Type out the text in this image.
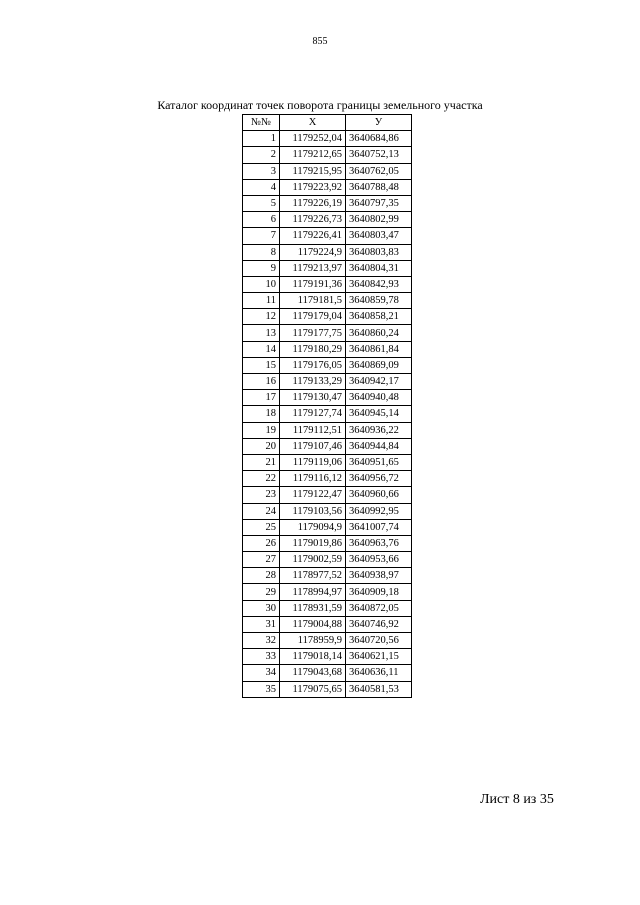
855
Каталог координат точек поворота границы земельного участка
№№	X	У
1	1179252,04	3640684,86
2	1179212,65	3640752,13
3	1179215,95	3640762,05
4	1179223,92	3640788,48
5	1179226,19	3640797,35
6	1179226,73	3640802,99
7	1179226,41	3640803,47
8	1179224,9	3640803,83
9	1179213,97	3640804,31
10	1179191,36	3640842,93
11	1179181,5	3640859,78
12	1179179,04	3640858,21
13	1179177,75	3640860,24
14	1179180,29	3640861,84
15	1179176,05	3640869,09
16	1179133,29	3640942,17
17	1179130,47	3640940,48
18	1179127,74	3640945,14
19	1179112,51	3640936,22
20	1179107,46	3640944,84
21	1179119,06	3640951,65
22	1179116,12	3640956,72
23	1179122,47	3640960,66
24	1179103,56	3640992,95
25	1179094,9	3641007,74
26	1179019,86	3640963,76
27	1179002,59	3640953,66
28	1178977,52	3640938,97
29	1178994,97	3640909,18
30	1178931,59	3640872,05
31	1179004,88	3640746,92
32	1178959,9	3640720,56
33	1179018,14	3640621,15
34	1179043,68	3640636,11
35	1179075,65	3640581,53
Лист 8 из 35
